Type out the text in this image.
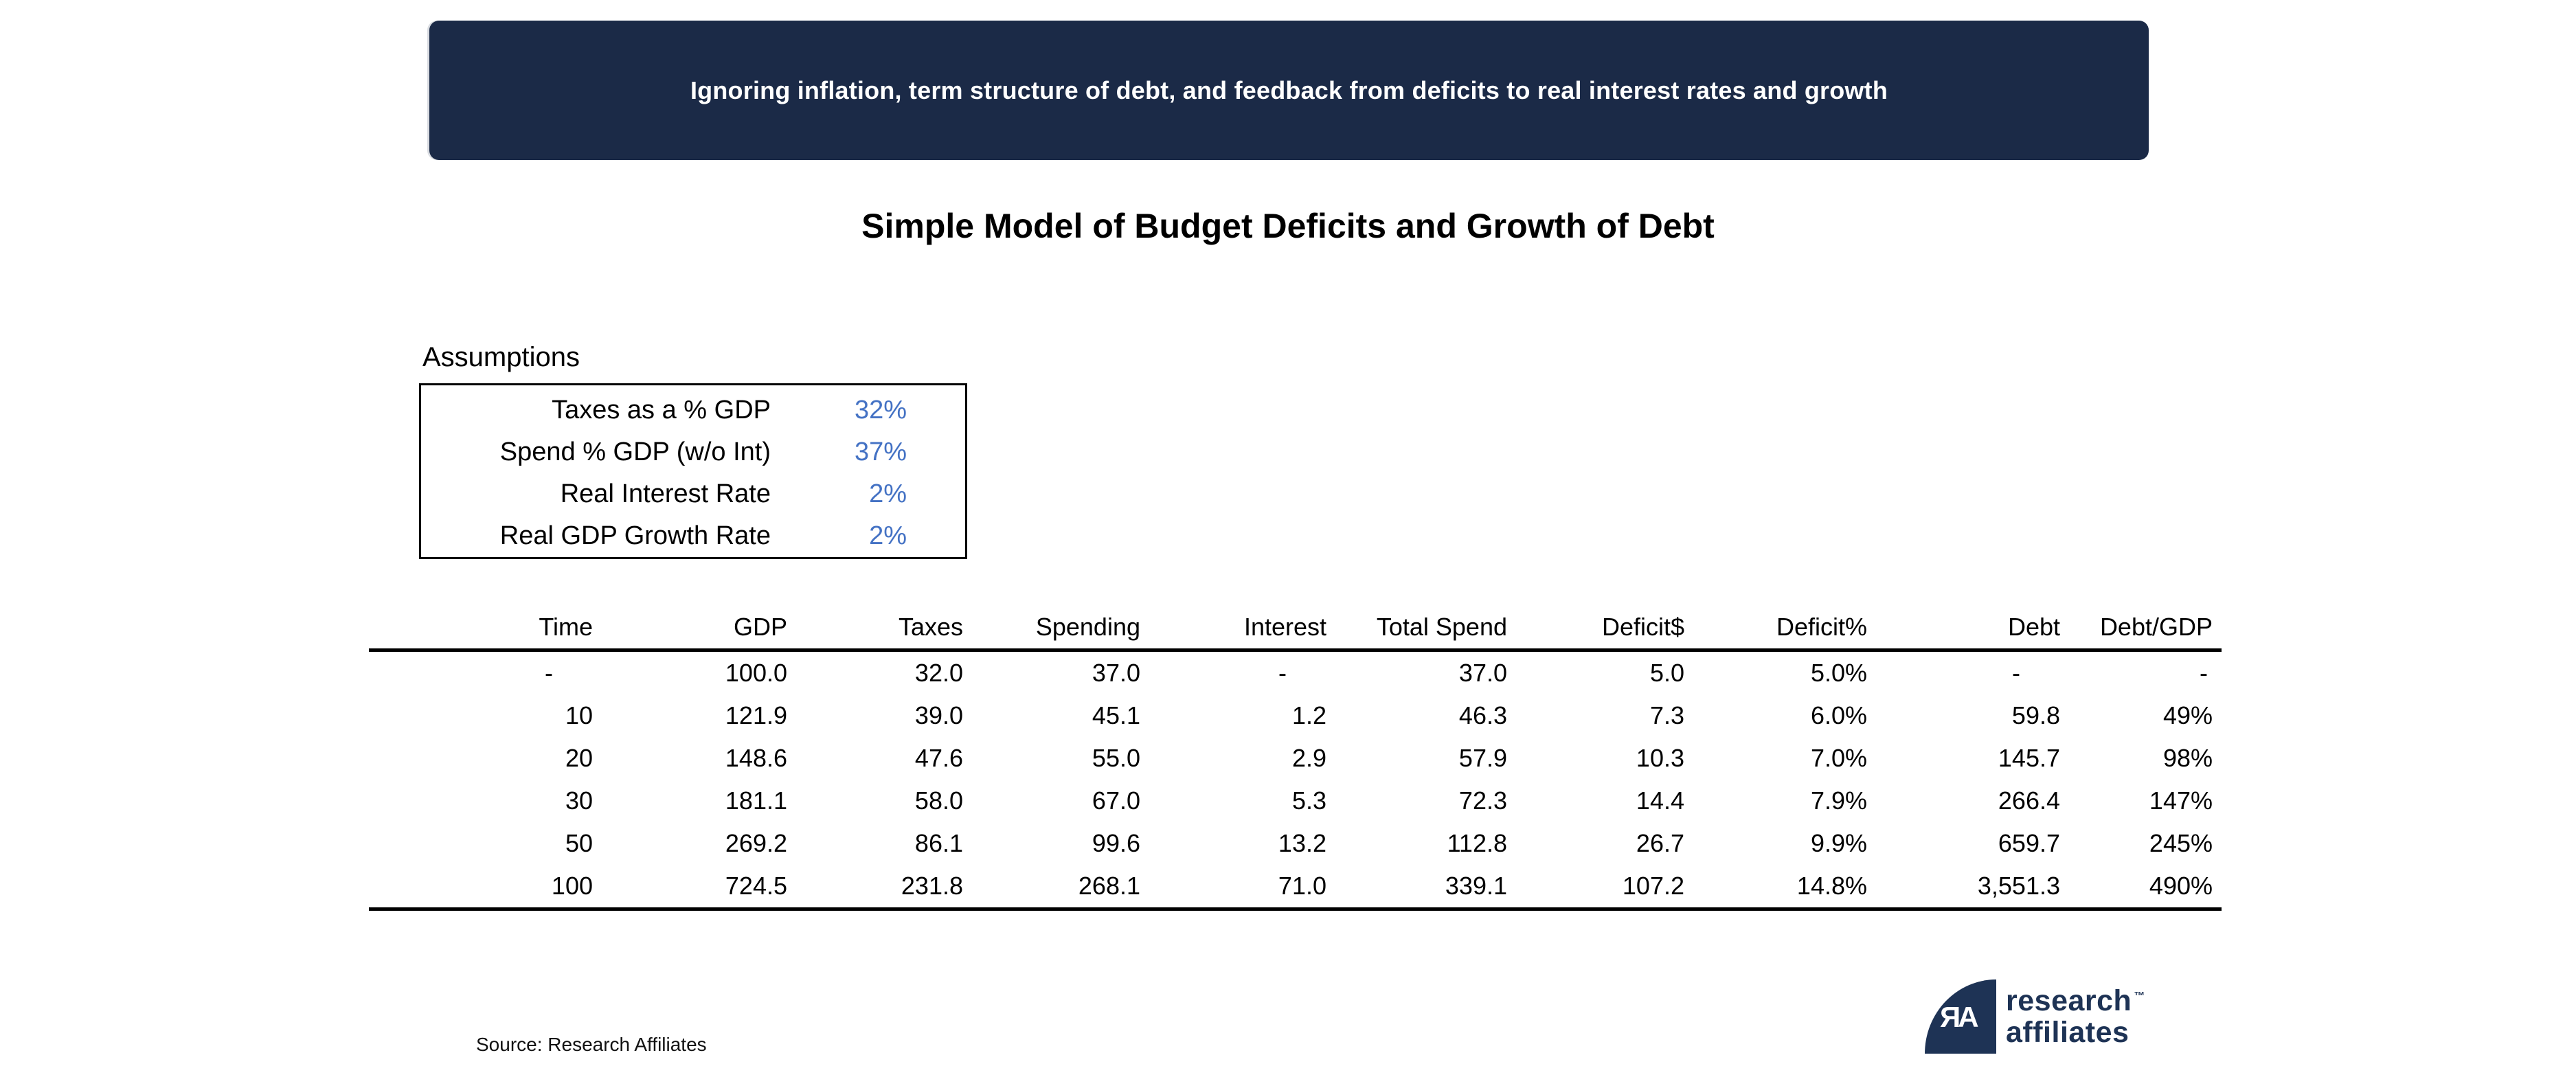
Ignoring inflation, term structure of debt, and feedback from deficits to real interest rates and growth
Simple Model of Budget Deficits and Growth of Debt
Assumptions
Taxes as a % GDP	32%
Spend % GDP (w/o Int)	37%
Real Interest Rate	2%
Real GDP Growth Rate	2%
Time	GDP	Taxes	Spending	Interest	Total Spend	Deficit$	Deficit%	Debt	Debt/GDP
-	100.0	32.0	37.0	-	37.0	5.0	5.0%	-	-
10	121.9	39.0	45.1	1.2	46.3	7.3	6.0%	59.8	49%
20	148.6	47.6	55.0	2.9	57.9	10.3	7.0%	145.7	98%
30	181.1	58.0	67.0	5.3	72.3	14.4	7.9%	266.4	147%
50	269.2	86.1	99.6	13.2	112.8	26.7	9.9%	659.7	245%
100	724.5	231.8	268.1	71.0	339.1	107.2	14.8%	3,551.3	490%
Source: Research Affiliates
ЯA research ™
affiliates
